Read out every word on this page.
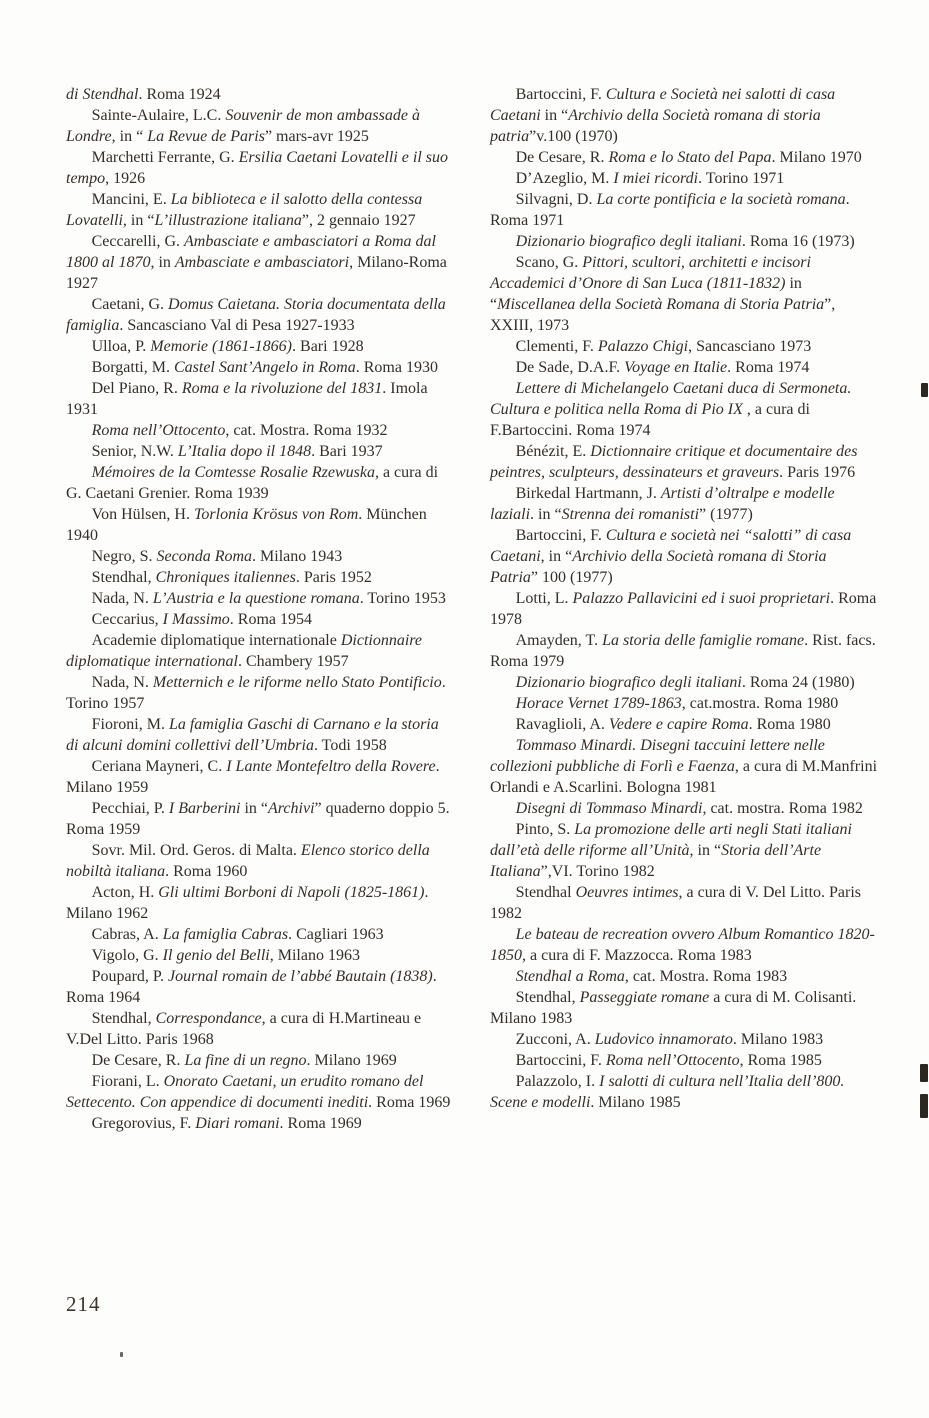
di Stendhal. Roma 1924

Sainte-Aulaire, L.C. Souvenir de mon ambassade à Londre, in “ La Revue de Paris” mars-avr 1925

Marchetti Ferrante, G. Ersilia Caetani Lovatelli e il suo tempo, 1926

Mancini, E. La biblioteca e il salotto della contessa Lovatelli, in “L’illustrazione italiana”, 2 gennaio 1927

Ceccarelli, G. Ambasciate e ambasciatori a Roma dal 1800 al 1870, in Ambasciate e ambasciatori, Milano-Roma 1927

Caetani, G. Domus Caietana. Storia documentata della famiglia. Sancasciano Val di Pesa 1927-1933

Ulloa, P. Memorie (1861-1866). Bari 1928

Borgatti, M. Castel Sant’Angelo in Roma. Roma 1930

Del Piano, R. Roma e la rivoluzione del 1831. Imola 1931

Roma nell’Ottocento, cat. Mostra. Roma 1932

Senior, N.W. L’Italia dopo il 1848. Bari 1937

Mémoires de la Comtesse Rosalie Rzewuska, a cura di G. Caetani Grenier. Roma 1939

Von Hülsen, H. Torlonia Krösus von Rom. München 1940

Negro, S. Seconda Roma. Milano 1943

Stendhal, Chroniques italiennes. Paris 1952

Nada, N. L’Austria e la questione romana. Torino 1953

Ceccarius, I Massimo. Roma 1954

Academie diplomatique internationale Dictionnaire diplomatique international. Chambery 1957

Nada, N. Metternich e le riforme nello Stato Pontificio. Torino 1957

Fioroni, M. La famiglia Gaschi di Carnano e la storia di alcuni domini collettivi dell’Umbria. Todi 1958

Ceriana Mayneri, C. I Lante Montefeltro della Rovere. Milano 1959

Pecchiai, P. I Barberini in “Archivi” quaderno doppio 5. Roma 1959

Sovr. Mil. Ord. Geros. di Malta. Elenco storico della nobiltà italiana. Roma 1960

Acton, H. Gli ultimi Borboni di Napoli (1825-1861). Milano 1962

Cabras, A. La famiglia Cabras. Cagliari 1963

Vigolo, G. Il genio del Belli, Milano 1963

Poupard, P. Journal romain de l’abbé Bautain (1838). Roma 1964

Stendhal, Correspondance, a cura di H.Martineau e V.Del Litto. Paris 1968

De Cesare, R. La fine di un regno. Milano 1969

Fiorani, L. Onorato Caetani, un erudito romano del Settecento. Con appendice di documenti inediti. Roma 1969

Gregorovius, F. Diari romani. Roma 1969

Bartoccini, F. Cultura e Società nei salotti di casa Caetani in “Archivio della Società romana di storia patria”v.100 (1970)

De Cesare, R. Roma e lo Stato del Papa. Milano 1970

D’Azeglio, M. I miei ricordi. Torino 1971

Silvagni, D. La corte pontificia e la società romana. Roma 1971

Dizionario biografico degli italiani. Roma 16 (1973)

Scano, G. Pittori, scultori, architetti e incisori Accademici d’Onore di San Luca (1811-1832) in “Miscellanea della Società Romana di Storia Patria”, XXIII, 1973

Clementi, F. Palazzo Chigi, Sancasciano 1973

De Sade, D.A.F. Voyage en Italie. Roma 1974

Lettere di Michelangelo Caetani duca di Sermoneta. Cultura e politica nella Roma di Pio IX , a cura di F.Bartoccini. Roma 1974

Bénézit, E. Dictionnaire critique et documentaire des peintres, sculpteurs, dessinateurs et graveurs. Paris 1976

Birkedal Hartmann, J. Artisti d’oltralpe e modelle laziali. in “Strenna dei romanisti” (1977)

Bartoccini, F. Cultura e società nei “salotti” di casa Caetani, in “Archivio della Società romana di Storia Patria” 100 (1977)

Lotti, L. Palazzo Pallavicini ed i suoi proprietari. Roma 1978

Amayden, T. La storia delle famiglie romane. Rist. facs. Roma 1979

Dizionario biografico degli italiani. Roma 24 (1980)

Horace Vernet 1789-1863, cat.mostra. Roma 1980

Ravaglioli, A. Vedere e capire Roma. Roma 1980

Tommaso Minardi. Disegni taccuini lettere nelle collezioni pubbliche di Forlì e Faenza, a cura di M.Manfrini Orlandi e A.Scarlini. Bologna 1981

Disegni di Tommaso Minardi, cat. mostra. Roma 1982

Pinto, S. La promozione delle arti negli Stati italiani dall’età delle riforme all’Unità, in “Storia dell’Arte Italiana”,VI. Torino 1982

Stendhal Oeuvres intimes, a cura di V. Del Litto. Paris 1982

Le bateau de recreation ovvero Album Romantico 1820-1850, a cura di F. Mazzocca. Roma 1983

Stendhal a Roma, cat. Mostra. Roma 1983

Stendhal, Passeggiate romane a cura di M. Colisanti. Milano 1983

Zucconi, A. Ludovico innamorato. Milano 1983

Bartoccini, F. Roma nell’Ottocento, Roma 1985

Palazzolo, I. I salotti di cultura nell’Italia dell’800. Scene e modelli. Milano 1985

214
